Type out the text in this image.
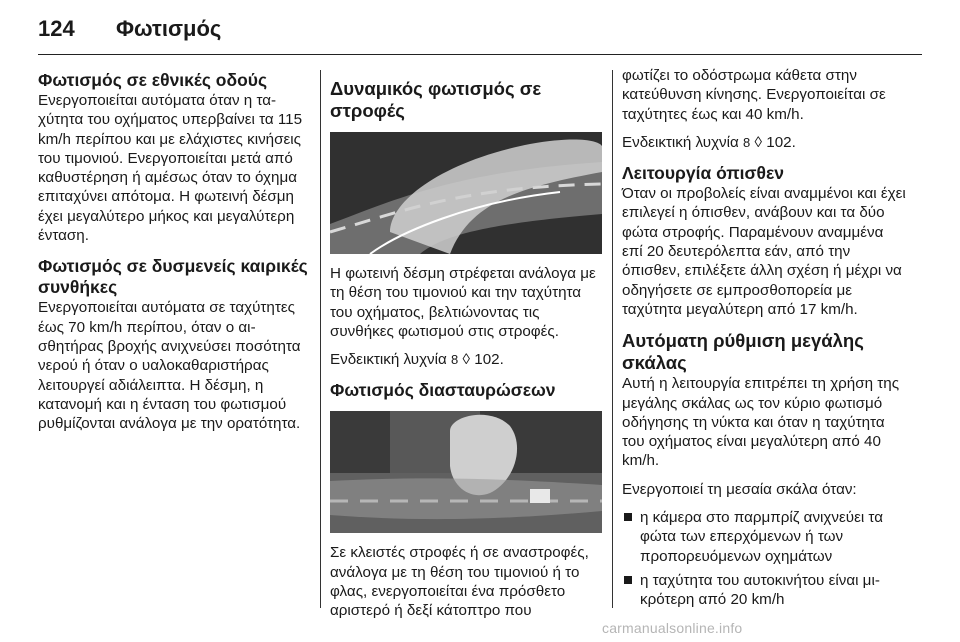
124 Φωτισμός
Φωτισμός σε εθνικές οδούς

Ενεργοποιείται αυτόματα όταν η ταχύτητα του οχήματος υπερβαίνει τα 115 km/h περίπου και με ελάχιστες κινήσεις του τιμονιού. Ενεργοποιείται μετά από καθυστέρηση ή αμέσως όταν το όχημα επιταχύνει απότομα. Η φωτεινή δέσμη έχει μεγαλύτερο μήκος και μεγαλύτερη ένταση.

Φωτισμός σε δυσμενείς καιρικές συνθήκες

Ενεργοποιείται αυτόματα σε ταχύτητες έως 70 km/h περίπου, όταν ο αισθητήρας βροχής ανιχνεύσει ποσότητα νερού ή όταν ο υαλοκαθαριστήρας λειτουργεί αδιάλειπτα. Η δέσμη, η κατανομή και η ένταση του φωτισμού ρυθμίζονται ανάλογα με την ορατότητα.

Δυναμικός φωτισμός σε στροφές

Η φωτεινή δέσμη στρέφεται ανάλογα με τη θέση του τιμονιού και την ταχύτητα του οχήματος, βελτιώνοντας τις συνθήκες φωτισμού στις στροφές.

Ενδεικτική λυχνία 8 ◊ 102.

Φωτισμός διασταυρώσεων

Σε κλειστές στροφές ή σε αναστροφές, ανάλογα με τη θέση του τιμονιού ή το φλας, ενεργοποιείται ένα πρόσθετο αριστερό ή δεξί κάτοπτρο που

φωτίζει το οδόστρωμα κάθετα στην κατεύθυνση κίνησης. Ενεργοποιείται σε ταχύτητες έως και 40 km/h.

Ενδεικτική λυχνία 8 ◊ 102.

Λειτουργία όπισθεν

Όταν οι προβολείς είναι αναμμένοι και έχει επιλεγεί η όπισθεν, ανάβουν και τα δύο φώτα στροφής. Παραμένουν αναμμένα επί 20 δευτερόλεπτα εάν, από την όπισθεν, επιλέξετε άλλη σχέση ή μέχρι να οδηγήσετε σε εμπροσθοπορεία με ταχύτητα μεγαλύτερη από 17 km/h.

Αυτόματη ρύθμιση μεγάλης σκάλας

Αυτή η λειτουργία επιτρέπει τη χρήση της μεγάλης σκάλας ως τον κύριο φωτισμό οδήγησης τη νύκτα και όταν η ταχύτητα του οχήματος είναι μεγαλύτερη από 40 km/h.

Ενεργοποιεί τη μεσαία σκάλα όταν:

η κάμερα στο παρμπρίζ ανιχνεύει τα φώτα των επερχόμενων ή των προπορευόμενων οχημάτων
η ταχύτητα του αυτοκινήτου είναι μικρότερη από 20 km/h
carmanualsonline.info
